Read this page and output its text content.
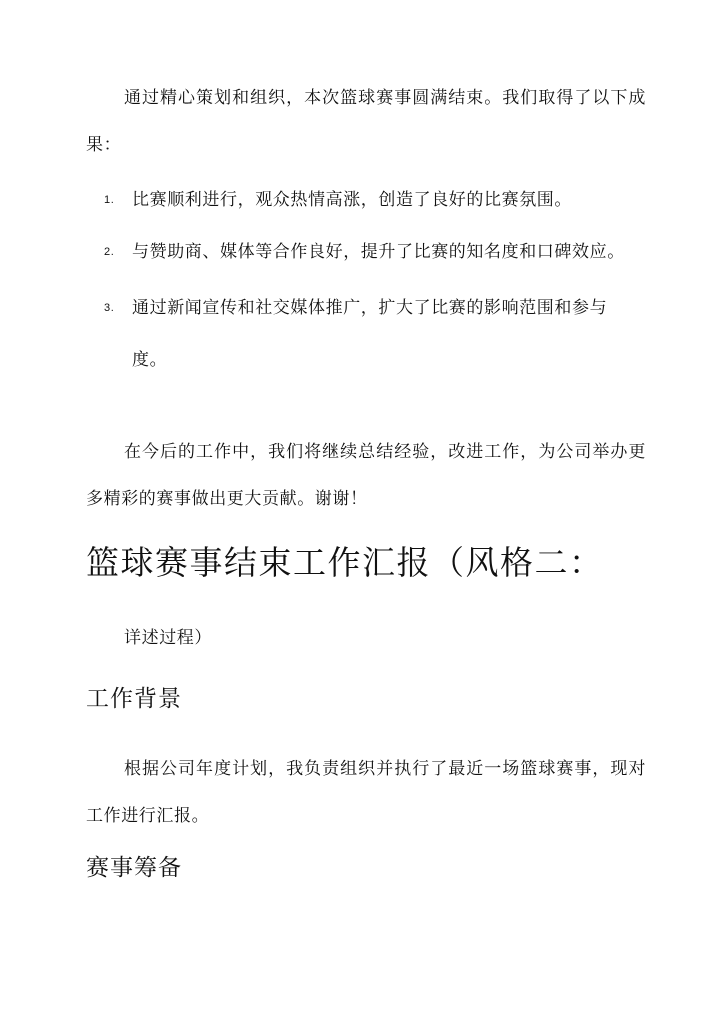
通过精心策划和组织，本次篮球赛事圆满结束。我们取得了以下成果：

1. 比赛顺利进行，观众热情高涨，创造了良好的比赛氛围。
2. 与赞助商、媒体等合作良好，提升了比赛的知名度和口碑效应。
3. 通过新闻宣传和社交媒体推广，扩大了比赛的影响范围和参与度。

在今后的工作中，我们将继续总结经验，改进工作，为公司举办更多精彩的赛事做出更大贡献。谢谢！

篮球赛事结束工作汇报（风格二：

详述过程）

工作背景

根据公司年度计划，我负责组织并执行了最近一场篮球赛事，现对工作进行汇报。

赛事筹备
